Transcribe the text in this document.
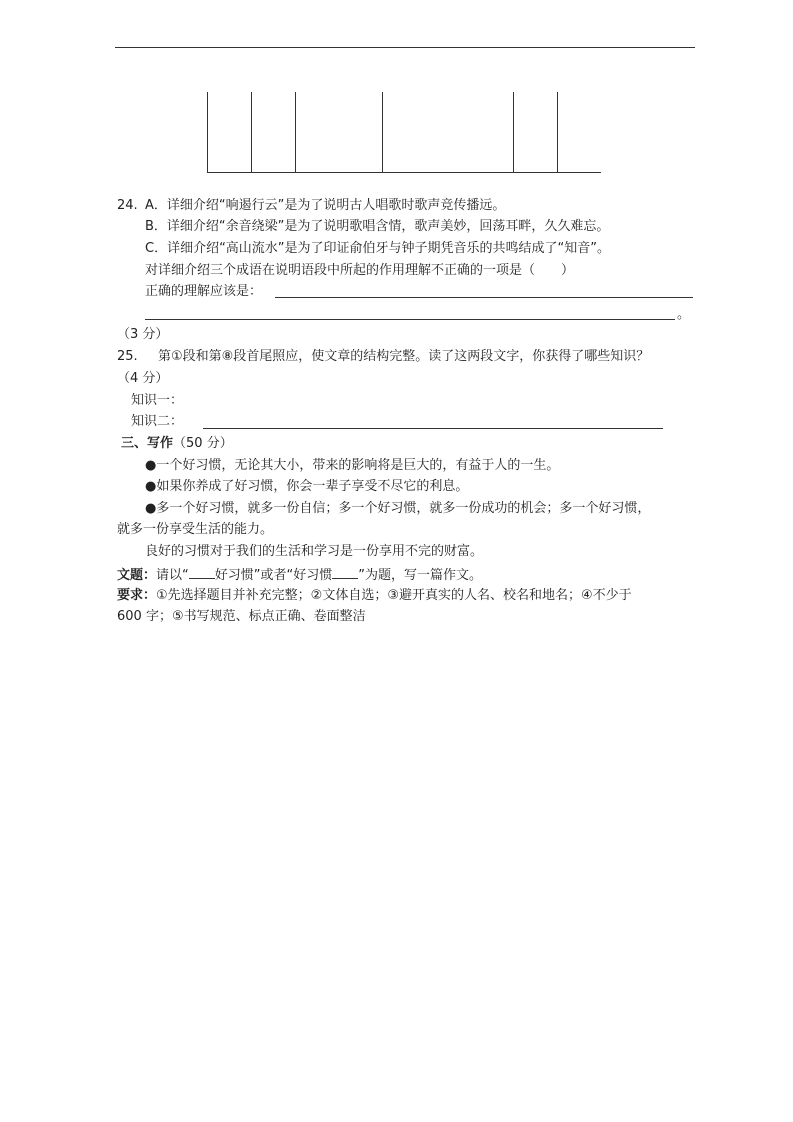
24. A．详细介绍“响遏行云”是为了说明古人唱歌时歌声竞传播远。
B．详细介绍“余音绕梁”是为了说明歌唱含情，歌声美妙，回荡耳畔，久久难忘。
C．详细介绍“高山流水”是为了印证俞伯牙与钟子期凭音乐的共鸣结成了“知音”。
对详细介绍三个成语在说明语段中所起的作用理解不正确的一项是（　　）
正确的理解应该是：
。
（3 分）
25. 第①段和第⑧段首尾照应，使文章的结构完整。读了这两段文字，你获得了哪些知识？
（4 分）
知识一：
知识二：
三、写作（50 分）
●一个好习惯，无论其大小，带来的影响将是巨大的，有益于人的一生。
●如果你养成了好习惯，你会一辈子享受不尽它的利息。
●多一个好习惯，就多一份自信；多一个好习惯，就多一份成功的机会；多一个好习惯，
就多一份享受生活的能力。
良好的习惯对于我们的生活和学习是一份享用不完的财富。
文题：请以“ 好习惯”或者“好习惯 ”为题，写一篇作文。
要求：①先选择题目并补充完整；②文体自选；③避开真实的人名、校名和地名；④不少于
600 字；⑤书写规范、标点正确、卷面整洁
